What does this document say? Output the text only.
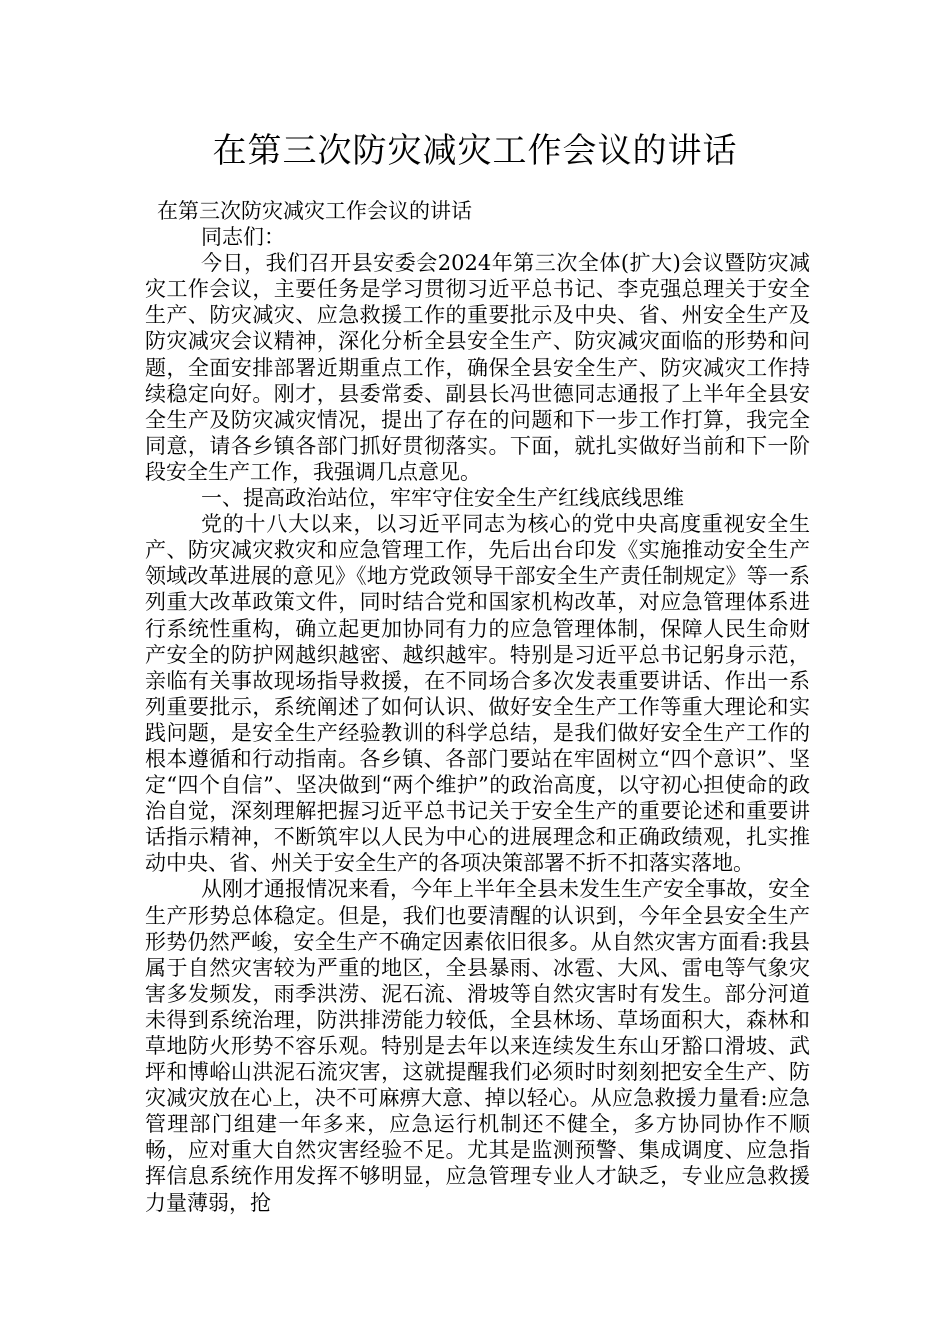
在第三次防灾减灾工作会议的讲话

在第三次防灾减灾工作会议的讲话

同志们：

今日，我们召开县安委会2024年第三次全体(扩大)会议暨防灾减灾工作会议，主要任务是学习贯彻习近平总书记、李克强总理关于安全生产、防灾减灾、应急救援工作的重要批示及中央、省、州安全生产及防灾减灾会议精神，深化分析全县安全生产、防灾减灾面临的形势和问题，全面安排部署近期重点工作，确保全县安全生产、防灾减灾工作持续稳定向好。刚才，县委常委、副县长冯世德同志通报了上半年全县安全生产及防灾减灾情况，提出了存在的问题和下一步工作打算，我完全同意，请各乡镇各部门抓好贯彻落实。下面，就扎实做好当前和下一阶段安全生产工作，我强调几点意见。

一、提高政治站位，牢牢守住安全生产红线底线思维

党的十八大以来，以习近平同志为核心的党中央高度重视安全生产、防灾减灾救灾和应急管理工作，先后出台印发《实施推动安全生产领域改革进展的意见》《地方党政领导干部安全生产责任制规定》等一系列重大改革政策文件，同时结合党和国家机构改革，对应急管理体系进行系统性重构，确立起更加协同有力的应急管理体制，保障人民生命财产安全的防护网越织越密、越织越牢。特别是习近平总书记躬身示范，亲临有关事故现场指导救援，在不同场合多次发表重要讲话、作出一系列重要批示，系统阐述了如何认识、做好安全生产工作等重大理论和实践问题，是安全生产经验教训的科学总结，是我们做好安全生产工作的根本遵循和行动指南。各乡镇、各部门要站在牢固树立“四个意识”、坚定“四个自信”、坚决做到“两个维护”的政治高度，以守初心担使命的政治自觉，深刻理解把握习近平总书记关于安全生产的重要论述和重要讲话指示精神，不断筑牢以人民为中心的进展理念和正确政绩观，扎实推动中央、省、州关于安全生产的各项决策部署不折不扣落实落地。

从刚才通报情况来看，今年上半年全县未发生生产安全事故，安全生产形势总体稳定。但是，我们也要清醒的认识到，今年全县安全生产形势仍然严峻，安全生产不确定因素依旧很多。从自然灾害方面看:我县属于自然灾害较为严重的地区，全县暴雨、冰雹、大风、雷电等气象灾害多发频发，雨季洪涝、泥石流、滑坡等自然灾害时有发生。部分河道未得到系统治理，防洪排涝能力较低，全县林场、草场面积大，森林和草地防火形势不容乐观。特别是去年以来连续发生东山牙豁口滑坡、武坪和博峪山洪泥石流灾害，这就提醒我们必须时时刻刻把安全生产、防灾减灾放在心上，决不可麻痹大意、掉以轻心。从应急救援力量看:应急管理部门组建一年多来，应急运行机制还不健全，多方协同协作不顺畅，应对重大自然灾害经验不足。尤其是监测预警、集成调度、应急指挥信息系统作用发挥不够明显，应急管理专业人才缺乏，专业应急救援力量薄弱，抢
